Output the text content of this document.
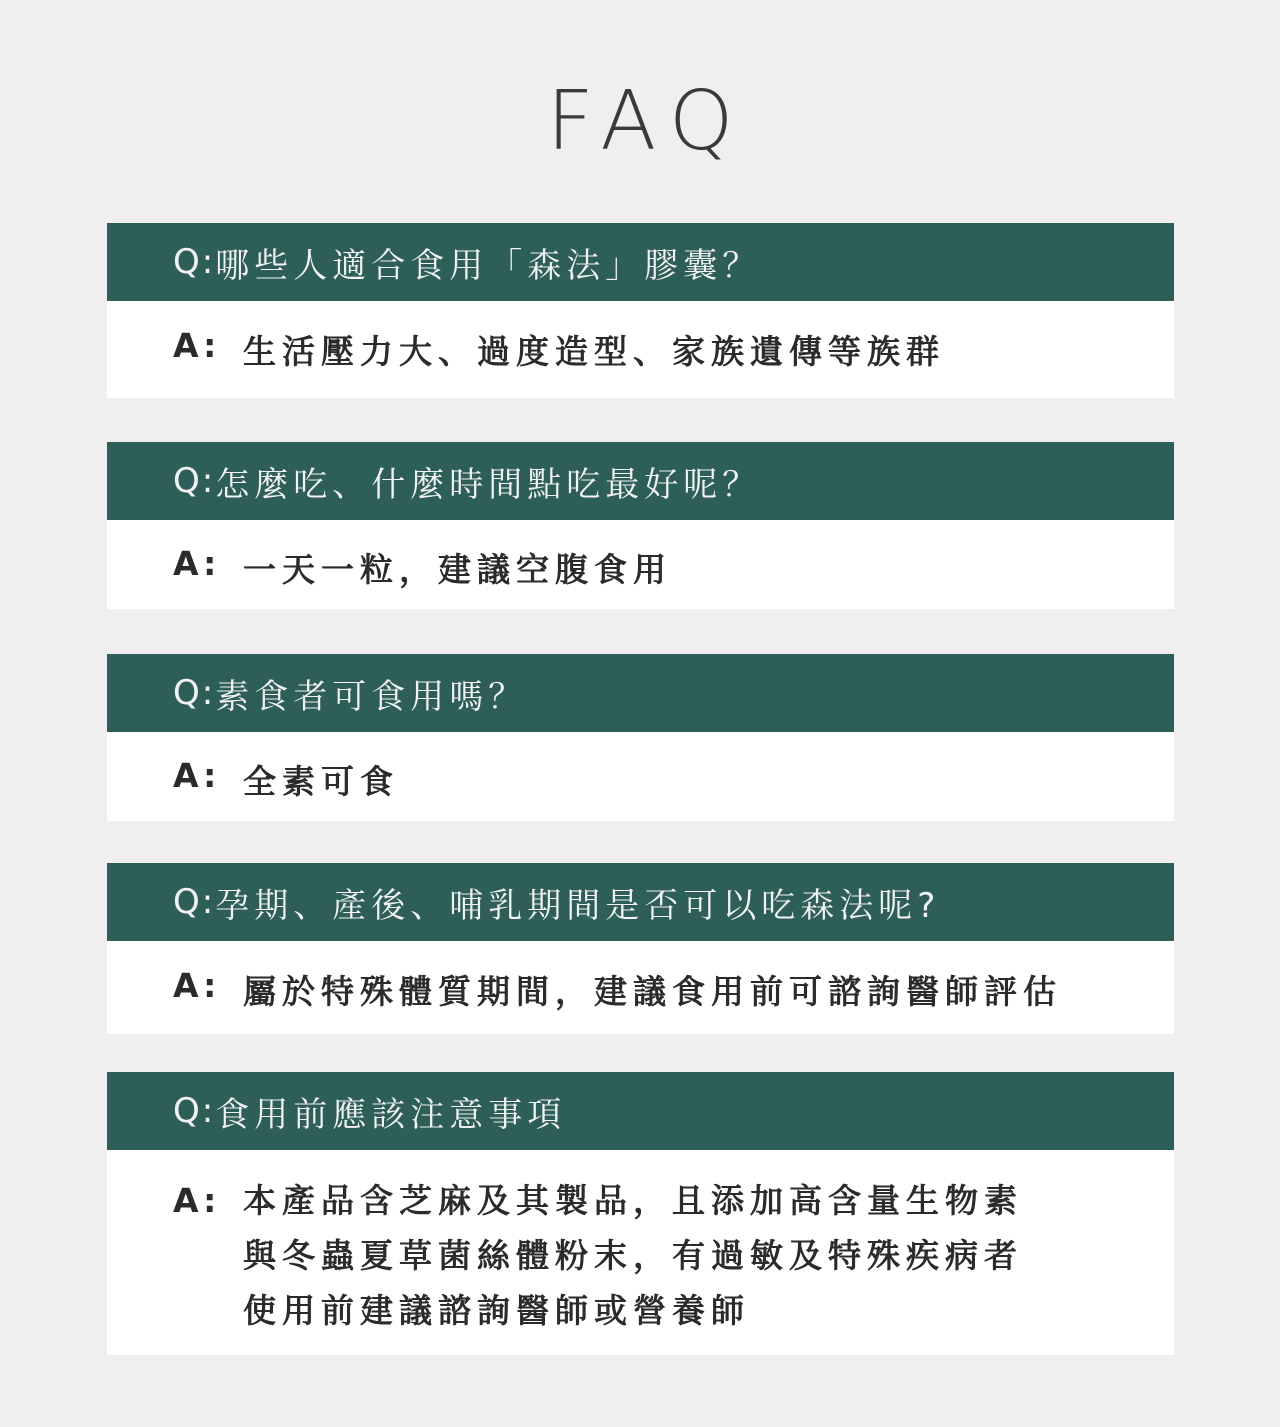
FAQ
Q: 哪些人適合食用「森法」膠囊？
A: 生活壓力大、過度造型、家族遺傳等族群
Q: 怎麼吃、什麼時間點吃最好呢？
A: 一天一粒，建議空腹食用
Q: 素食者可食用嗎？
A: 全素可食
Q: 孕期、產後、哺乳期間是否可以吃森法呢?
A: 屬於特殊體質期間，建議食用前可諮詢醫師評估
Q: 食用前應該注意事項
A: 本產品含芝麻及其製品，且添加高含量生物素
與冬蟲夏草菌絲體粉末，有過敏及特殊疾病者
使用前建議諮詢醫師或營養師
